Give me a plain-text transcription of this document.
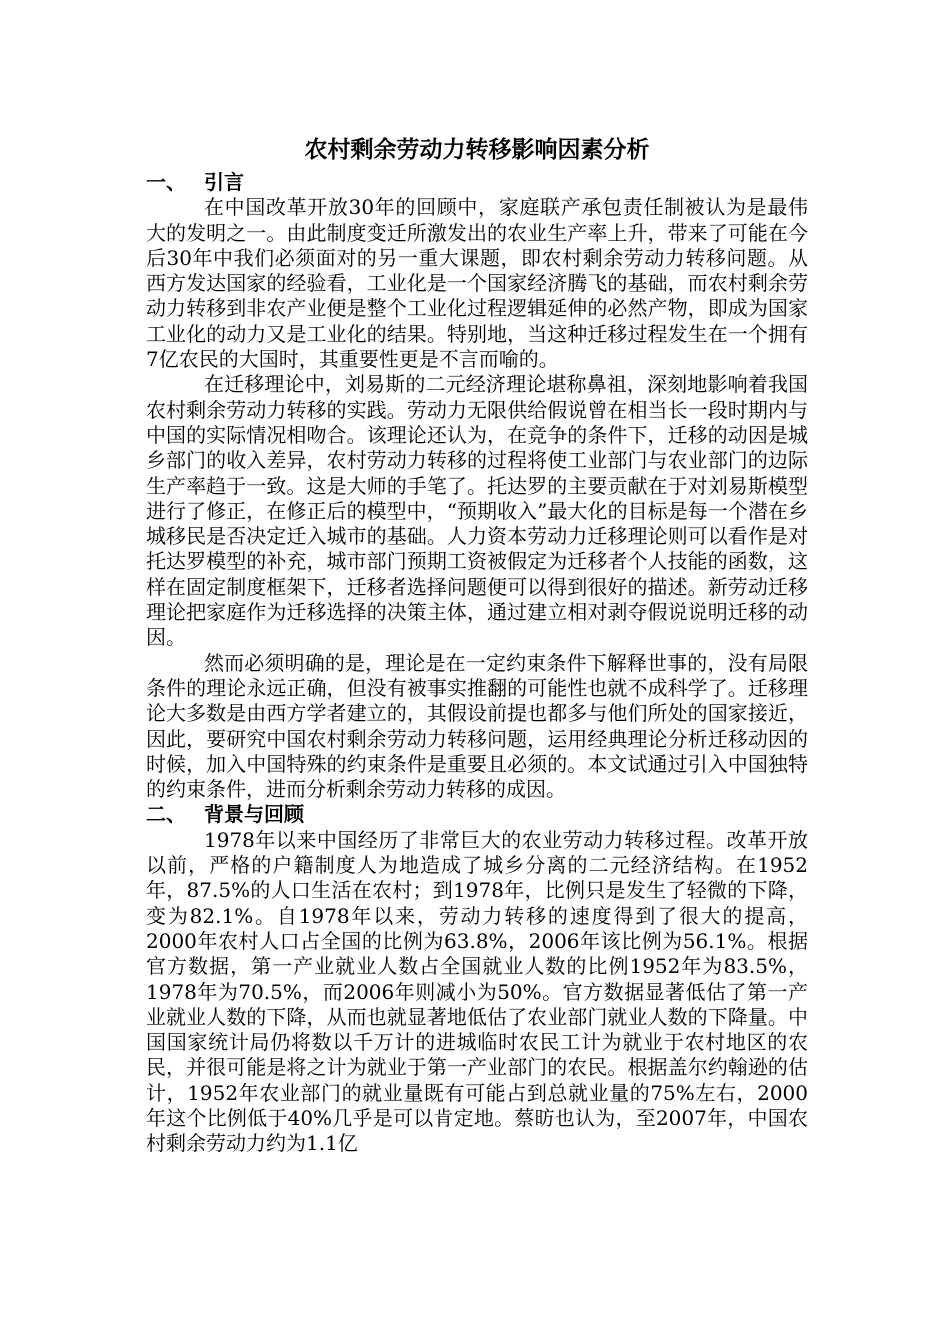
农村剩余劳动力转移影响因素分析
一、 引言

在中国改革开放30年的回顾中，家庭联产承包责任制被认为是最伟大的发明之一。由此制度变迁所激发出的农业生产率上升，带来了可能在今后30年中我们必须面对的另一重大课题，即农村剩余劳动力转移问题。从西方发达国家的经验看，工业化是一个国家经济腾飞的基础，而农村剩余劳动力转移到非农产业便是整个工业化过程逻辑延伸的必然产物，即成为国家工业化的动力又是工业化的结果。特别地，当这种迁移过程发生在一个拥有7亿农民的大国时，其重要性更是不言而喻的。

在迁移理论中，刘易斯的二元经济理论堪称鼻祖，深刻地影响着我国农村剩余劳动力转移的实践。劳动力无限供给假说曾在相当长一段时期内与中国的实际情况相吻合。该理论还认为，在竞争的条件下，迁移的动因是城乡部门的收入差异，农村劳动力转移的过程将使工业部门与农业部门的边际生产率趋于一致。这是大师的手笔了。托达罗的主要贡献在于对刘易斯模型进行了修正，在修正后的模型中，“预期收入”最大化的目标是每一个潜在乡城移民是否决定迁入城市的基础。人力资本劳动力迁移理论则可以看作是对托达罗模型的补充，城市部门预期工资被假定为迁移者个人技能的函数，这样在固定制度框架下，迁移者选择问题便可以得到很好的描述。新劳动迁移理论把家庭作为迁移选择的决策主体，通过建立相对剥夺假说说明迁移的动因。

然而必须明确的是，理论是在一定约束条件下解释世事的，没有局限条件的理论永远正确，但没有被事实推翻的可能性也就不成科学了。迁移理论大多数是由西方学者建立的，其假设前提也都多与他们所处的国家接近，因此，要研究中国农村剩余劳动力转移问题，运用经典理论分析迁移动因的时候，加入中国特殊的约束条件是重要且必须的。本文试通过引入中国独特的约束条件，进而分析剩余劳动力转移的成因。

二、 背景与回顾

1978年以来中国经历了非常巨大的农业劳动力转移过程。改革开放以前，严格的户籍制度人为地造成了城乡分离的二元经济结构。在1952年，87.5%的人口生活在农村；到1978年，比例只是发生了轻微的下降，变为82.1%。自1978年以来，劳动力转移的速度得到了很大的提高，2000年农村人口占全国的比例为63.8%，2006年该比例为56.1%。根据官方数据，第一产业就业人数占全国就业人数的比例1952年为83.5%，1978年为70.5%，而2006年则减小为50%。官方数据显著低估了第一产业就业人数的下降，从而也就显著地低估了农业部门就业人数的下降量。中国国家统计局仍将数以千万计的进城临时农民工计为就业于农村地区的农民，并很可能是将之计为就业于第一产业部门的农民。根据盖尔约翰逊的估计，1952年农业部门的就业量既有可能占到总就业量的75%左右，2000年这个比例低于40%几乎是可以肯定地。蔡昉也认为，至2007年，中国农村剩余劳动力约为1.1亿
